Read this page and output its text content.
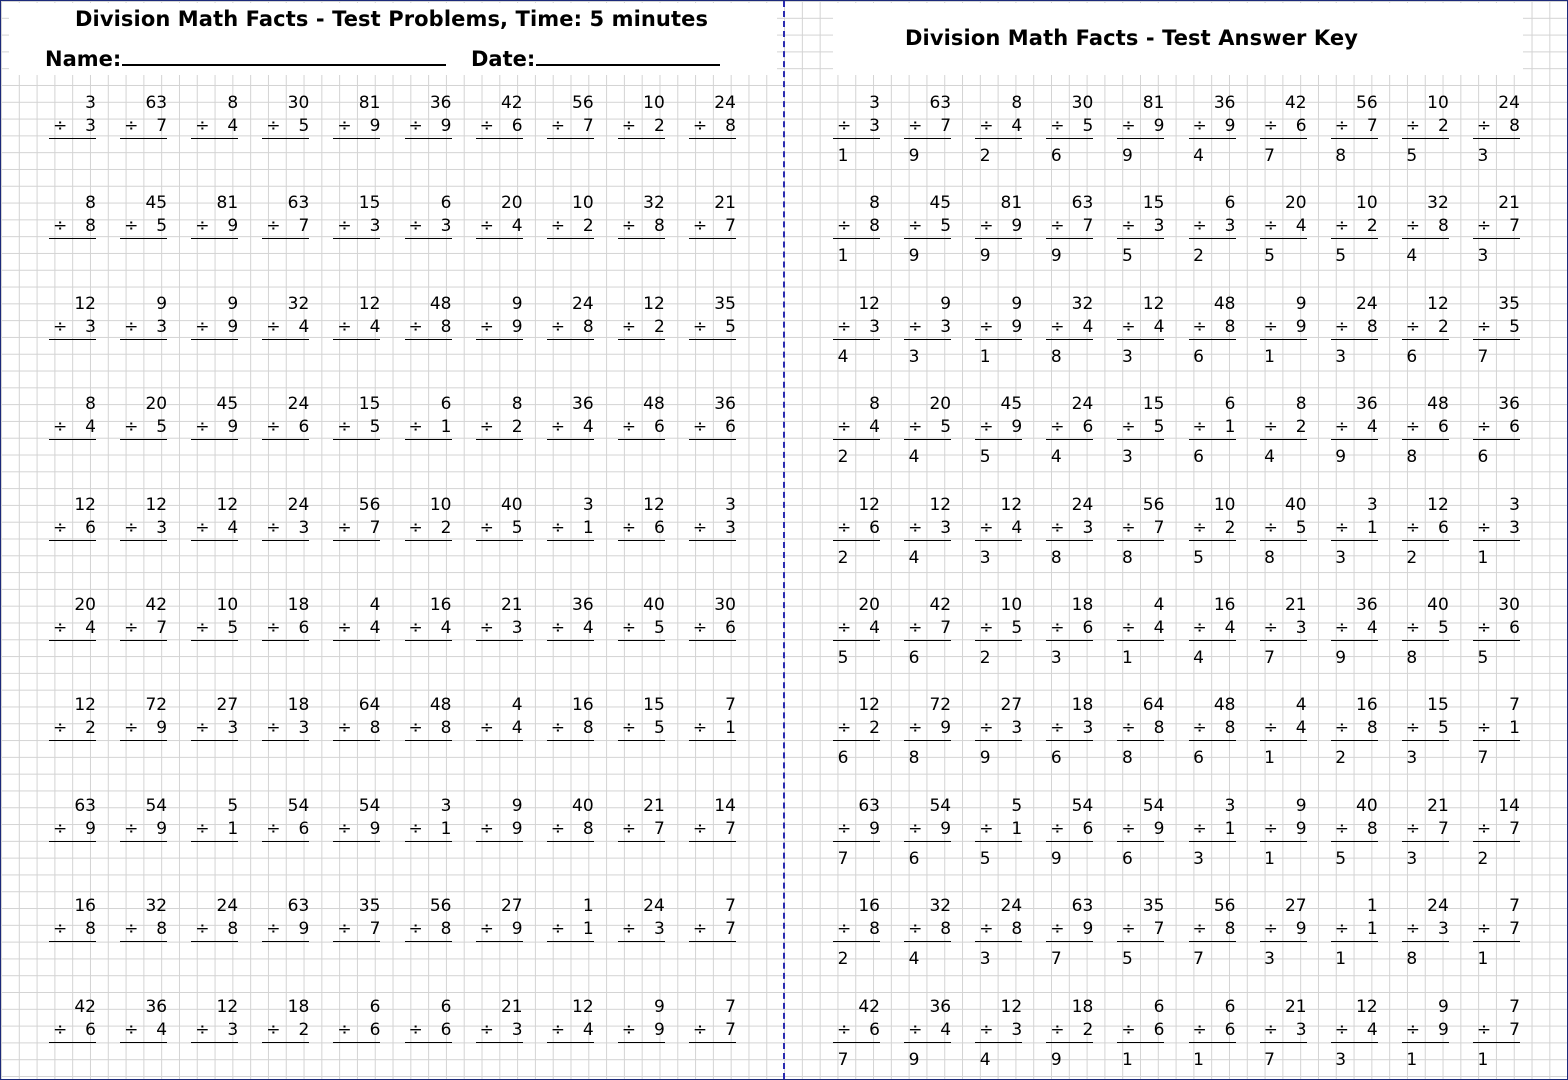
Division Math Facts - Test Problems, Time: 5 minutes
Name:	Date:
3
÷ 3
63
÷ 7
8
÷ 4
30
÷ 5
81
÷ 9
36
÷ 9
42
÷ 6
56
÷ 7
10
÷ 2
24
÷ 8
8
÷ 8
45
÷ 5
81
÷ 9
63
÷ 7
15
÷ 3
6
÷ 3
20
÷ 4
10
÷ 2
32
÷ 8
21
÷ 7
12
÷ 3
9
÷ 3
9
÷ 9
32
÷ 4
12
÷ 4
48
÷ 8
9
÷ 9
24
÷ 8
12
÷ 2
35
÷ 5
8
÷ 4
20
÷ 5
45
÷ 9
24
÷ 6
15
÷ 5
6
÷ 1
8
÷ 2
36
÷ 4
48
÷ 6
36
÷ 6
12
÷ 6
12
÷ 3
12
÷ 4
24
÷ 3
56
÷ 7
10
÷ 2
40
÷ 5
3
÷ 1
12
÷ 6
3
÷ 3
20
÷ 4
42
÷ 7
10
÷ 5
18
÷ 6
4
÷ 4
16
÷ 4
21
÷ 3
36
÷ 4
40
÷ 5
30
÷ 6
12
÷ 2
72
÷ 9
27
÷ 3
18
÷ 3
64
÷ 8
48
÷ 8
4
÷ 4
16
÷ 8
15
÷ 5
7
÷ 1
63
÷ 9
54
÷ 9
5
÷ 1
54
÷ 6
54
÷ 9
3
÷ 1
9
÷ 9
40
÷ 8
21
÷ 7
14
÷ 7
16
÷ 8
32
÷ 8
24
÷ 8
63
÷ 9
35
÷ 7
56
÷ 8
27
÷ 9
1
÷ 1
24
÷ 3
7
÷ 7
42
÷ 6
36
÷ 4
12
÷ 3
18
÷ 2
6
÷ 6
6
÷ 6
21
÷ 3
12
÷ 4
9
÷ 9
7
÷ 7
Division Math Facts - Test Answer Key
3
÷ 3
1
63
÷ 7
9
8
÷ 4
2
30
÷ 5
6
81
÷ 9
9
36
÷ 9
4
42
÷ 6
7
56
÷ 7
8
10
÷ 2
5
24
÷ 8
3
8
÷ 8
1
45
÷ 5
9
81
÷ 9
9
63
÷ 7
9
15
÷ 3
5
6
÷ 3
2
20
÷ 4
5
10
÷ 2
5
32
÷ 8
4
21
÷ 7
3
12
÷ 3
4
9
÷ 3
3
9
÷ 9
1
32
÷ 4
8
12
÷ 4
3
48
÷ 8
6
9
÷ 9
1
24
÷ 8
3
12
÷ 2
6
35
÷ 5
7
8
÷ 4
2
20
÷ 5
4
45
÷ 9
5
24
÷ 6
4
15
÷ 5
3
6
÷ 1
6
8
÷ 2
4
36
÷ 4
9
48
÷ 6
8
36
÷ 6
6
12
÷ 6
2
12
÷ 3
4
12
÷ 4
3
24
÷ 3
8
56
÷ 7
8
10
÷ 2
5
40
÷ 5
8
3
÷ 1
3
12
÷ 6
2
3
÷ 3
1
20
÷ 4
5
42
÷ 7
6
10
÷ 5
2
18
÷ 6
3
4
÷ 4
1
16
÷ 4
4
21
÷ 3
7
36
÷ 4
9
40
÷ 5
8
30
÷ 6
5
12
÷ 2
6
72
÷ 9
8
27
÷ 3
9
18
÷ 3
6
64
÷ 8
8
48
÷ 8
6
4
÷ 4
1
16
÷ 8
2
15
÷ 5
3
7
÷ 1
7
63
÷ 9
7
54
÷ 9
6
5
÷ 1
5
54
÷ 6
9
54
÷ 9
6
3
÷ 1
3
9
÷ 9
1
40
÷ 8
5
21
÷ 7
3
14
÷ 7
2
16
÷ 8
2
32
÷ 8
4
24
÷ 8
3
63
÷ 9
7
35
÷ 7
5
56
÷ 8
7
27
÷ 9
3
1
÷ 1
1
24
÷ 3
8
7
÷ 7
1
42
÷ 6
7
36
÷ 4
9
12
÷ 3
4
18
÷ 2
9
6
÷ 6
1
6
÷ 6
1
21
÷ 3
7
12
÷ 4
3
9
÷ 9
1
7
÷ 7
1
